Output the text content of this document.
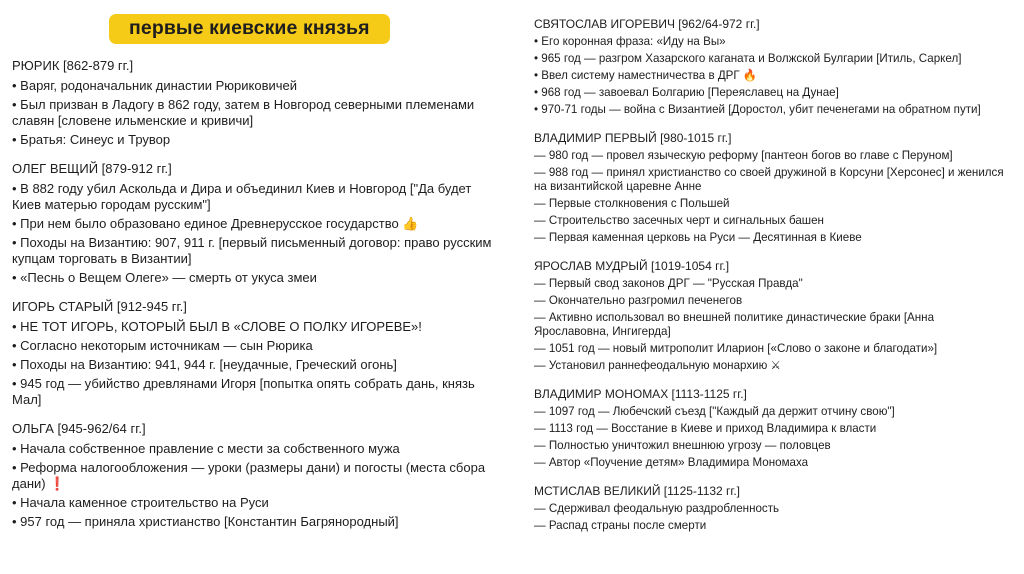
первые киевские князья
РЮРИК [862-879 гг.]
• Варяг, родоначальник династии Рюриковичей
• Был призван в Ладогу в 862 году, затем в Новгород северными племенами славян [словене ильменские и кривичи]
• Братья: Синеус и Трувор
ОЛЕГ ВЕЩИЙ [879-912 гг.]
• В 882 году убил Аскольда и Дира и объединил Киев и Новгород ["Да будет Киев матерью городам русским"]
• При нем было образовано единое Древнерусское государство 👍
• Походы на Византию: 907, 911 г. [первый письменный договор: право русским купцам торговать в Византии]
• «Песнь о Вещем Олеге» — смерть от укуса змеи
ИГОРЬ СТАРЫЙ [912-945 гг.]
• НЕ ТОТ ИГОРЬ, КОТОРЫЙ БЫЛ В «СЛОВЕ О ПОЛКУ ИГОРЕВЕ»!
• Согласно некоторым источникам — сын Рюрика
• Походы на Византию: 941, 944 г. [неудачные, Греческий огонь]
• 945 год — убийство древлянами Игоря [попытка опять собрать дань, князь Мал]
ОЛЬГА [945-962/64 гг.]
• Начала собственное правление с мести за собственного мужа
• Реформа налогообложения — уроки (размеры дани) и погосты (места сбора дани) ❗
• Начала каменное строительство на Руси
• 957 год — приняла христианство [Константин Багрянородный]
СВЯТОСЛАВ ИГОРЕВИЧ [962/64-972 гг.]
• Его коронная фраза: «Иду на Вы»
• 965 год — разгром Хазарского каганата и Волжской Булгарии [Итиль, Саркел]
• Ввел систему наместничества в ДРГ 🔥
• 968 год — завоевал Болгарию [Переяславец на Дунае]
• 970-71 годы — война с Византией [Доростол, убит печенегами на обратном пути]
ВЛАДИМИР ПЕРВЫЙ [980-1015 гг.]
— 980 год — провел языческую реформу [пантеон богов во главе с Перуном]
— 988 год — принял христианство со своей дружиной в Корсуни [Херсонес] и женился на византийской царевне Анне
— Первые столкновения с Польшей
— Строительство засечных черт и сигнальных башен
— Первая каменная церковь на Руси — Десятинная в Киеве
ЯРОСЛАВ МУДРЫЙ [1019-1054 гг.]
— Первый свод законов ДРГ — "Русская Правда"
— Окончательно разгромил печенегов
— Активно использовал во внешней политике династические браки [Анна Ярославовна, Ингигерда]
— 1051 год — новый митрополит Иларион [«Слово о законе и благодати»]
— Установил раннефеодальную монархию ⚔
ВЛАДИМИР МОНОМАХ [1113-1125 гг.]
— 1097 год — Любечский съезд ["Каждый да держит отчину свою"]
— 1113 год — Восстание в Киеве и приход Владимира к власти
— Полностью уничтожил внешнюю угрозу — половцев
— Автор «Поучение детям» Владимира Мономаха
МСТИСЛАВ ВЕЛИКИЙ [1125-1132 гг.]
— Сдерживал феодальную раздробленность
— Распад страны после смерти
